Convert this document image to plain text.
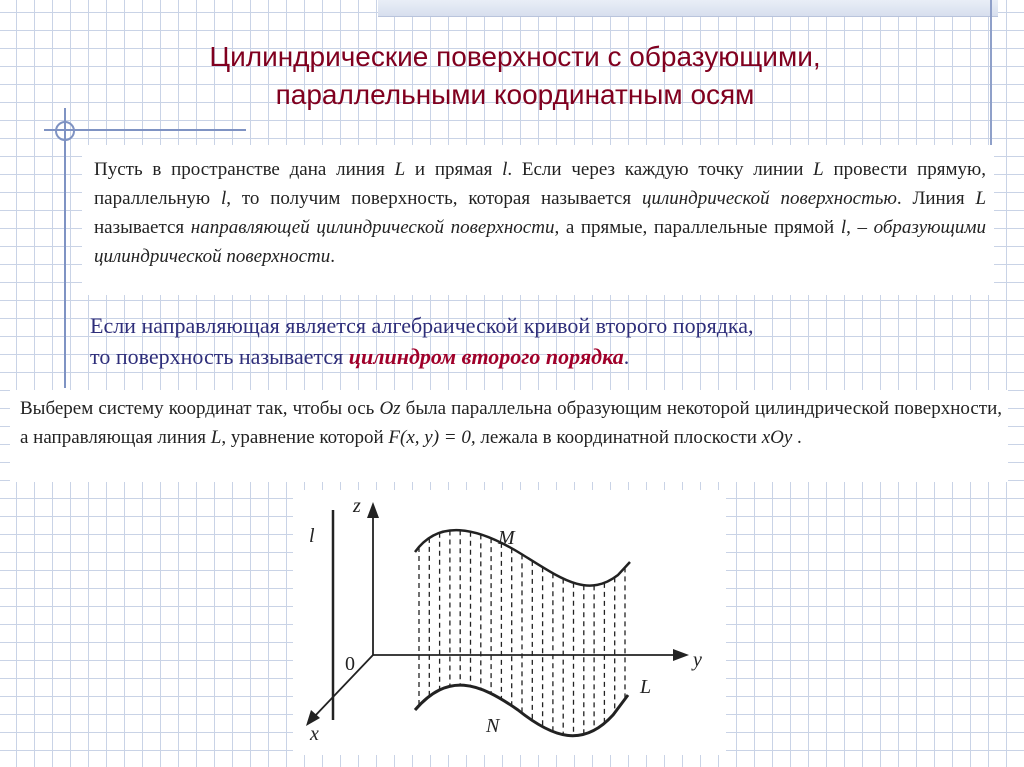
Цилиндрические поверхности с образующими,
параллельными координатным осям

Пусть в пространстве дана линия L и прямая l. Если через каждую точку линии L провести прямую, параллельную l, то получим поверхность, которая называется цилиндрической поверхностью. Линия L называется направляющей цилиндрической поверхности, а прямые, параллельные прямой l, – образующими цилиндрической поверхности.

Если направляющая является алгебраической кривой второго порядка,
то поверхность называется цилиндром второго порядка.

Выберем систему координат так, чтобы ось Oz была параллельна образующим некоторой цилиндрической поверхности, а направляющая линия L, уравнение которой F(x, y) = 0, лежала в координатной плоскости xOy .

l
z
y
x
0
M
N
L
